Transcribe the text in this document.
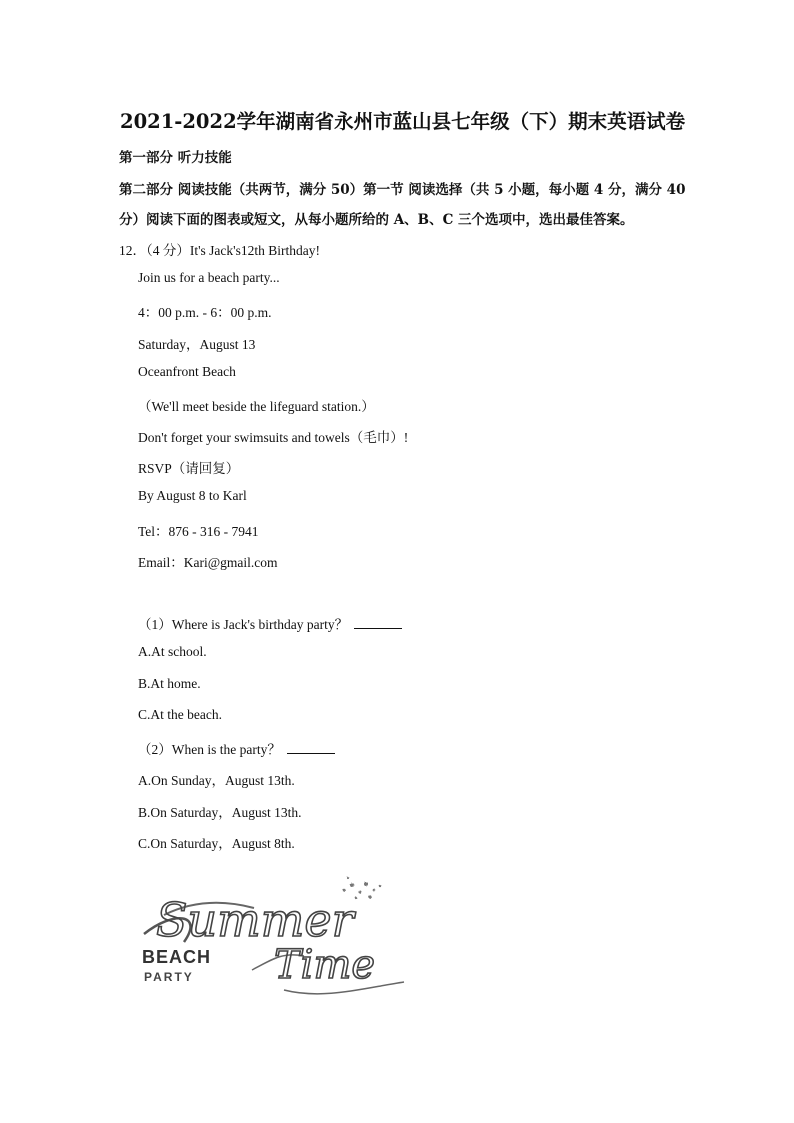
2021-2022学年湖南省永州市蓝山县七年级（下）期末英语试卷
第一部分 听力技能
第二部分 阅读技能（共两节，满分 50）第一节 阅读选择（共 5 小题，每小题 4 分，满分 40
分）阅读下面的图表或短文，从每小题所给的 A、B、C 三个选项中，选出最佳答案。
12．（4 分）It's Jack's12th Birthday!
Join us for a beach party...
4：00 p.m. - 6：00 p.m.
Saturday，August 13
Oceanfront Beach
（We'll meet beside the lifeguard station.）
Don't forget your swimsuits and towels（毛巾）!
RSVP（请回复）
By August 8 to Karl
Tel：876 - 316 - 7941
Email：Kari@gmail.com
（1）Where is Jack's birthday party？
A.At school.
B.At home.
C.At the beach.
（2）When is the party？
A.On Sunday，August 13th.
B.On Saturday，August 13th.
C.On Saturday，August 8th.
Summer
BEACH
PARTY Time
